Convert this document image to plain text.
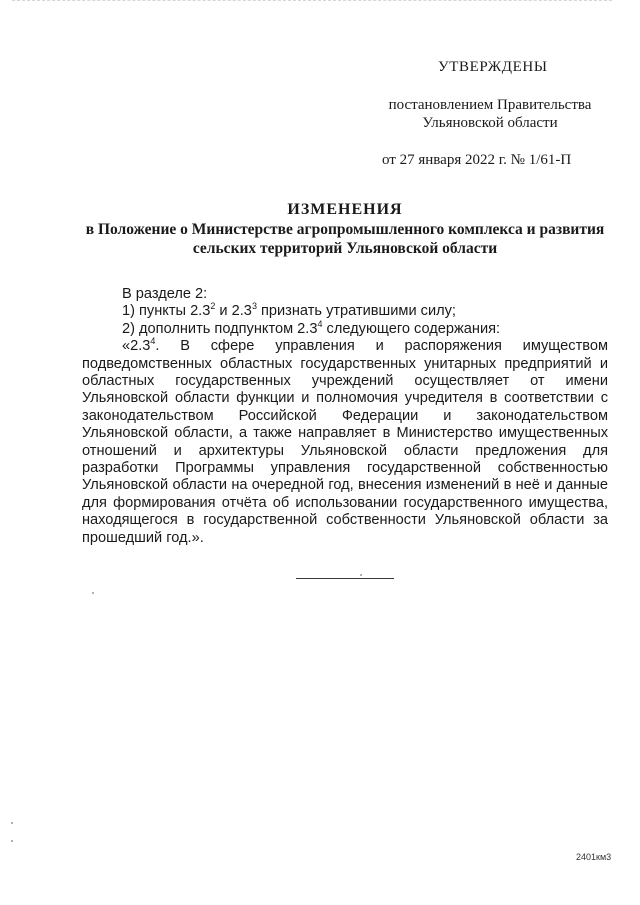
УТВЕРЖДЕНЫ
постановлением Правительства
Ульяновской области
от 27 января 2022 г. № 1/61-П
ИЗМЕНЕНИЯ
в Положение о Министерстве агропромышленного комплекса и развития
сельских территорий Ульяновской области
В разделе 2:
1) пункты $2.3^2$ и $2.3^3$ признать утратившими силу;
2) дополнить подпунктом $2.3^4$ следующего содержания:
«$2.3^4$. В сфере управления и распоряжения имуществом подведомственных областных государственных унитарных предприятий и областных государственных учреждений осуществляет от имени Ульяновской области функции и полномочия учредителя в соответствии с законодательством Российской Федерации и законодательством Ульяновской области, а также направляет в Министерство имущественных отношений и архитектуры Ульяновской области предложения для разработки Программы управления государственной собственностью Ульяновской области на очередной год, внесения изменений в неё и данные для формирования отчёта об использовании государственного имущества, находящегося в государственной собственности Ульяновской области за прошедший год.».
2401км3
